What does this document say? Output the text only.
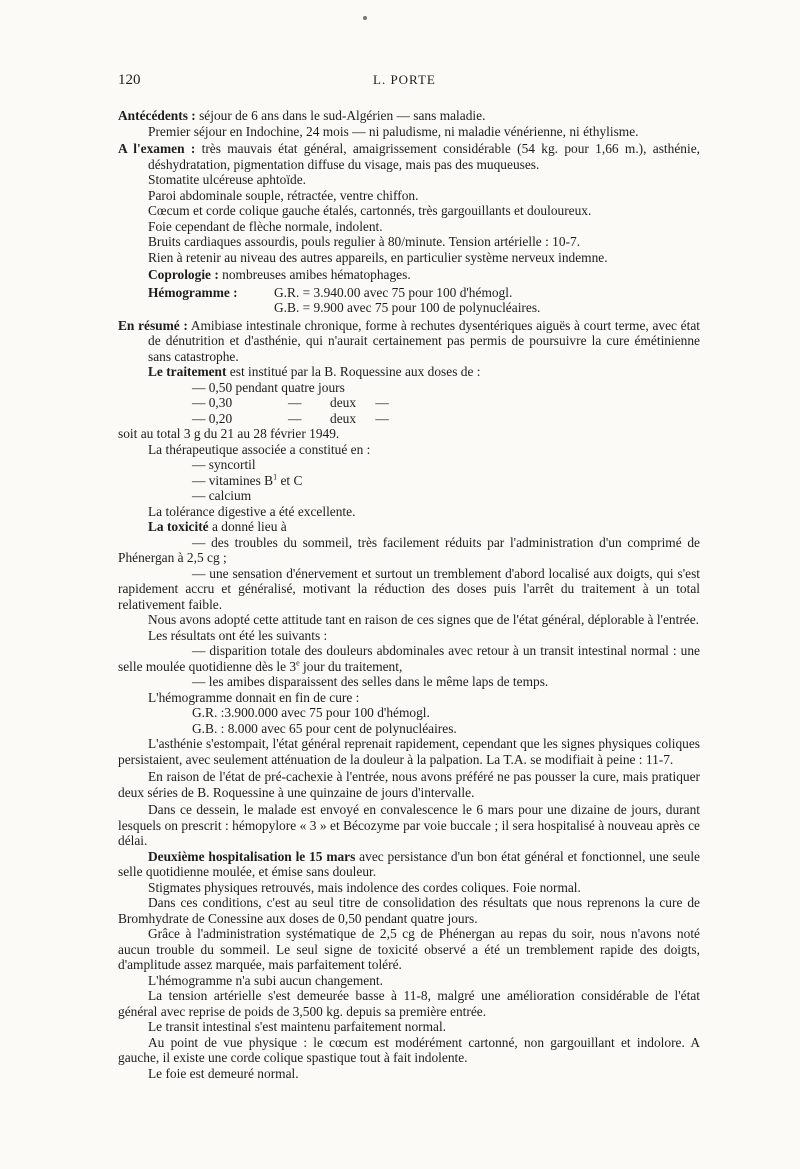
120	L. PORTE

Antécédents : séjour de 6 ans dans le sud-Algérien — sans maladie.

Premier séjour en Indochine, 24 mois — ni paludisme, ni maladie vénérienne, ni éthylisme.

A l'examen : très mauvais état général, amaigrissement considérable (54 kg. pour 1,66 m.), asthénie, déshydratation, pigmentation diffuse du visage, mais pas des muqueuses.

Stomatite ulcéreuse aphtoïde.

Paroi abdominale souple, rétractée, ventre chiffon.

Cœcum et corde colique gauche étalés, cartonnés, très gargouillants et douloureux.

Foie cependant de flèche normale, indolent.

Bruits cardiaques assourdis, pouls regulier à 80/minute. Tension artérielle : 10-7.

Rien à retenir au niveau des autres appareils, en particulier système nerveux indemne.

Coprologie : nombreuses amibes hématophages.

Hémogramme :	G.R. = 3.940.00 avec 75 pour 100 d'hémogl.

G.B. = 9.900 avec 75 pour 100 de polynucléaires.

En résumé : Amibiase intestinale chronique, forme à rechutes dysentériques aiguës à court terme, avec état de dénutrition et d'asthénie, qui n'aurait certainement pas permis de poursuivre la cure émétinienne sans catastrophe.

Le traitement est institué par la B. Roquessine aux doses de :

— 0,50 pendant quatre jours

— 0,30	— deux —

— 0,20	— deux —

soit au total 3 g du 21 au 28 février 1949.

La thérapeutique associée a constitué en :

— syncortil

— vitamines $B^1$ et C

— calcium

La tolérance digestive a été excellente.

La toxicité a donné lieu à

— des troubles du sommeil, très facilement réduits par l'administration d'un comprimé de Phénergan à 2,5 cg ;

— une sensation d'énervement et surtout un tremblement d'abord localisé aux doigts, qui s'est rapidement accru et généralisé, motivant la réduction des doses puis l'arrêt du traitement à un total relativement faible.

Nous avons adopté cette attitude tant en raison de ces signes que de l'état général, déplorable à l'entrée.

Les résultats ont été les suivants :

— disparition totale des douleurs abdominales avec retour à un transit intestinal normal : une selle moulée quotidienne dès le 3e jour du traitement,

— les amibes disparaissent des selles dans le même laps de temps.

L'hémogramme donnait en fin de cure :

G.R. :3.900.000 avec 75 pour 100 d'hémogl.

G.B. : 8.000 avec 65 pour cent de polynucléaires.

L'asthénie s'estompait, l'état général reprenait rapidement, cependant que les signes physiques coliques persistaient, avec seulement atténuation de la douleur à la palpation. La T.A. se modifiait à peine : 11-7.

En raison de l'état de pré-cachexie à l'entrée, nous avons préféré ne pas pousser la cure, mais pratiquer deux séries de B. Roquessine à une quinzaine de jours d'intervalle.

Dans ce dessein, le malade est envoyé en convalescence le 6 mars pour une dizaine de jours, durant lesquels on prescrit : hémopylore « 3 » et Bécozyme par voie buccale ; il sera hospitalisé à nouveau après ce délai.

Deuxième hospitalisation le 15 mars avec persistance d'un bon état général et fonctionnel, une seule selle quotidienne moulée, et émise sans douleur.

Stigmates physiques retrouvés, mais indolence des cordes coliques. Foie normal.

Dans ces conditions, c'est au seul titre de consolidation des résultats que nous reprenons la cure de Bromhydrate de Conessine aux doses de 0,50 pendant quatre jours.

Grâce à l'administration systématique de 2,5 cg de Phénergan au repas du soir, nous n'avons noté aucun trouble du sommeil. Le seul signe de toxicité observé a été un tremblement rapide des doigts, d'amplitude assez marquée, mais parfaitement toléré.

L'hémogramme n'a subi aucun changement.

La tension artérielle s'est demeurée basse à 11-8, malgré une amélioration considérable de l'état général avec reprise de poids de 3,500 kg. depuis sa première entrée.

Le transit intestinal s'est maintenu parfaitement normal.

Au point de vue physique : le cœcum est modérément cartonné, non gargouillant et indolore. A gauche, il existe une corde colique spastique tout à fait indolente.

Le foie est demeuré normal.
